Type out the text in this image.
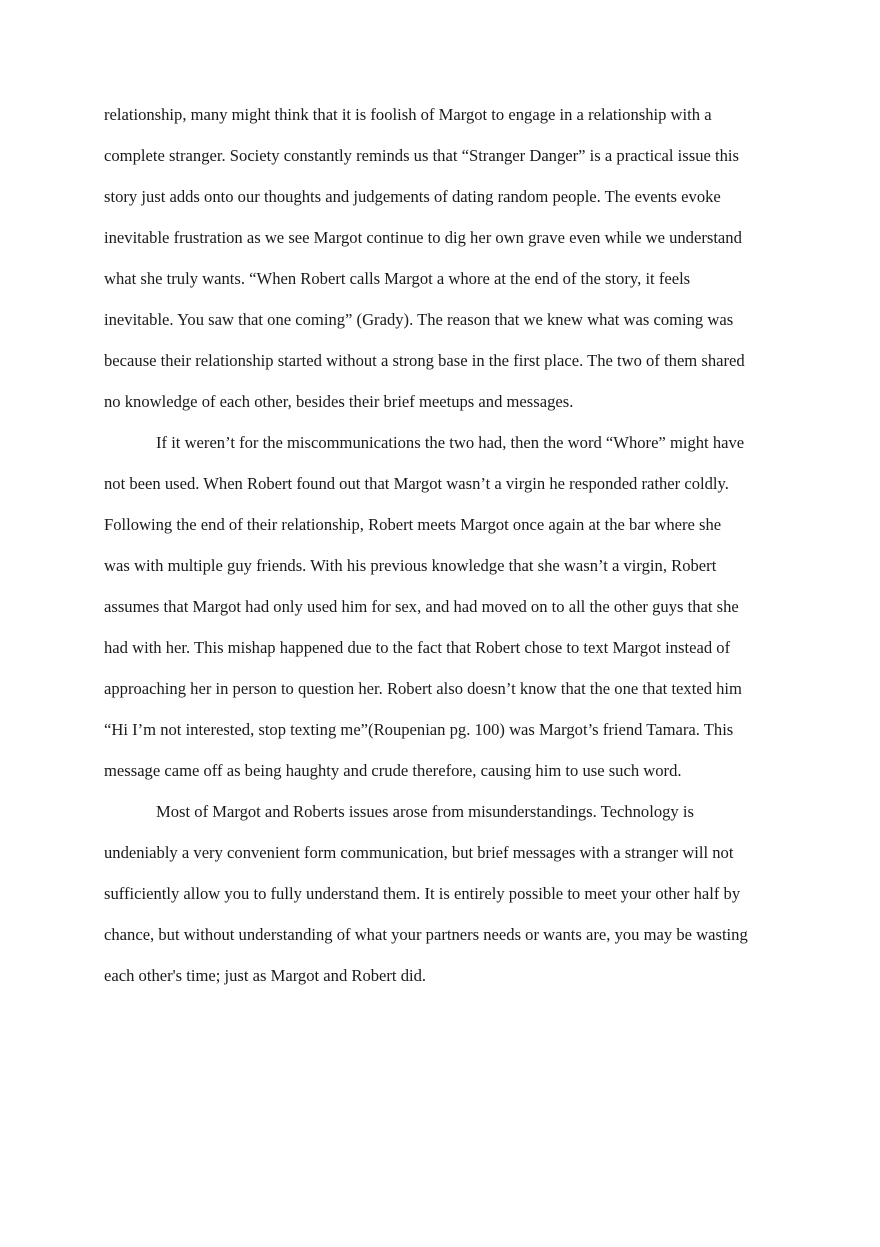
relationship, many might think that it is foolish of Margot to engage in a relationship with a
complete stranger. Society constantly reminds us that “Stranger Danger” is a practical issue this
story just adds onto our thoughts and judgements of dating random people. The events evoke
inevitable frustration as we see Margot continue to dig her own grave even while we understand
what she truly wants. “When Robert calls Margot a whore at the end of the story, it feels
inevitable. You saw that one coming” (Grady). The reason that we knew what was coming was
because their relationship started without a strong base in the first place. The two of them shared
no knowledge of each other, besides their brief meetups and messages.
If it weren’t for the miscommunications the two had, then the word “Whore” might have
not been used. When Robert found out that Margot wasn’t a virgin he responded rather coldly.
Following the end of their relationship, Robert meets Margot once again at the bar where she
was with multiple guy friends. With his previous knowledge that she wasn’t a virgin, Robert
assumes that Margot had only used him for sex, and had moved on to all the other guys that she
had with her. This mishap happened due to the fact that Robert chose to text Margot instead of
approaching her in person to question her. Robert also doesn’t know that the one that texted him
“Hi I’m not interested, stop texting me”(Roupenian pg. 100) was Margot’s friend Tamara. This
message came off as being haughty and crude therefore, causing him to use such word.
Most of Margot and Roberts issues arose from misunderstandings. Technology is
undeniably a very convenient form communication, but brief messages with a stranger will not
sufficiently allow you to fully understand them. It is entirely possible to meet your other half by
chance, but without understanding of what your partners needs or wants are, you may be wasting
each other's time; just as Margot and Robert did.
